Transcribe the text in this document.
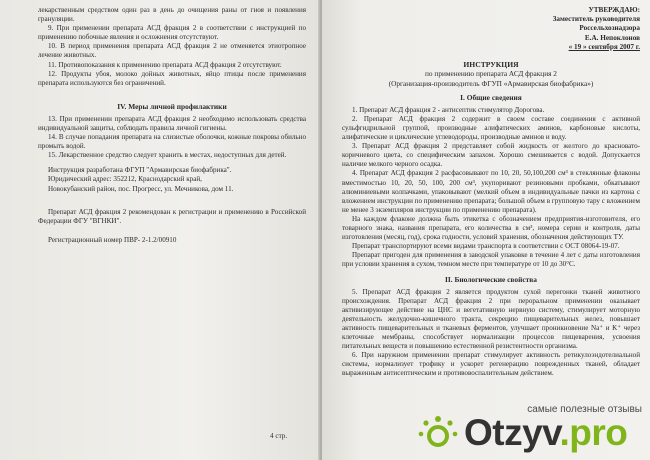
лекарственным средством один раз в день до очищения раны от гноя и появления грануляции.

9. При применении препарата АСД фракция 2 в соответствии с инструкцией по применению побочные явления и осложнения отсутствуют.

10. В период применения препарата АСД фракция 2 не отменяется этиотропное лечение животных.

11. Противопоказания к применению препарата АСД фракция 2 отсутствуют.

12. Продукты убоя, молоко дойных животных, яйцо птицы после применения препарата используются без ограничений.

IV. Меры личной профилактики

13. При применении препарата АСД фракция 2 необходимо использовать средства индивидуальной защиты, соблюдать правила личной гигиены.

14. В случае попадания препарата на слизистые оболочки, кожные покровы обильно промыть водой.

15. Лекарственное средство следует хранить в местах, недоступных для детей.

Инструкция разработана ФГУП "Армавирская биофабрика".

Юридический адрес: 352212, Краснодарский край,

Новокубанский район, пос. Прогресс, ул. Мечникова, дом 11.

Препарат АСД фракция 2 рекомендован к регистрации и применению в Российской Федерации ФГУ "ВГНКИ".

Регистрационный номер ПВР- 2-1.2/00910

4 стр.
УТВЕРЖДАЮ:
Заместитель руководителя
Россельхознадзора
Е.А. Непоклонов
« 19 » сентября 2007 г.
ИНСТРУКЦИЯ
по применению препарата АСД фракция 2
(Организация-производитель ФГУП «Армавирская биофабрика»)
I. Общие сведения

1. Препарат АСД фракция 2 - антисептик стимулятор Дорогова.

2. Препарат АСД фракция 2 содержит в своем составе соединения с активной сульфгидрильной группой, производные алифатических аминов, карбоновые кислоты, алифатические и циклические углеводороды, производные аминов и воду.

3. Препарат АСД фракция 2 представляет собой жидкость от желтого до красновато-коричневого цвета, со специфическим запахом. Хорошо смешивается с водой. Допускается наличие мелкого черного осадка.

4. Препарат АСД фракция 2 расфасовывают по 10, 20, 50,100,200 см³ в стеклянные флаконы вместимостью 10, 20, 50, 100, 200 см³, укупоривают резиновыми пробками, обкатывают алюминиевыми колпачками, упаковывают (мелкий объем в индивидуальные пачки из картона с вложением инструкции по применению препарата; большой объем в групповую тару с вложением не менее 3 экземпляров инструкции по применению препарата).

На каждом флаконе должна быть этикетка с обозначением предприятия-изготовителя, его товарного знака, названия препарата, его количества в см³, номера серии и контроля, даты изготовления (месяц, год), срока годности, условий хранения, обозначения действующих ТУ.

Препарат транспортируют всеми видами транспорта в соответствии с ОСТ 08064-19-07.

Препарат пригоден для применения в заводской упаковке в течение 4 лет с даты изготовления при условии хранения в сухом, темном месте при температуре от 10 до 30°С.

II. Биологические свойства

5. Препарат АСД фракция 2 является продуктом сухой перегонки тканей животного происхождения. Препарат АСД фракция 2 при пероральном применении оказывает активизирующее действие на ЦНС и вегетативную нервную систему, стимулирует моторную деятельность желудочно-кишечного тракта, секрецию пищеварительных желез, повышает активность пищеварительных и тканевых ферментов, улучшает проникновение Na⁺ и K⁺ через клеточные мембраны, способствует нормализации процессов пищеварения, усвоения питательных веществ и повышению естественной резистентности организма.

6. При наружном применении препарат стимулирует активность ретикулоэндотелиальной системы, нормализует трофику и ускорет регенерацию поврежденных тканей, обладает выраженным антисептическим и противовоспалительным действием.

самые полезные отзывы
Otzyv.pro
